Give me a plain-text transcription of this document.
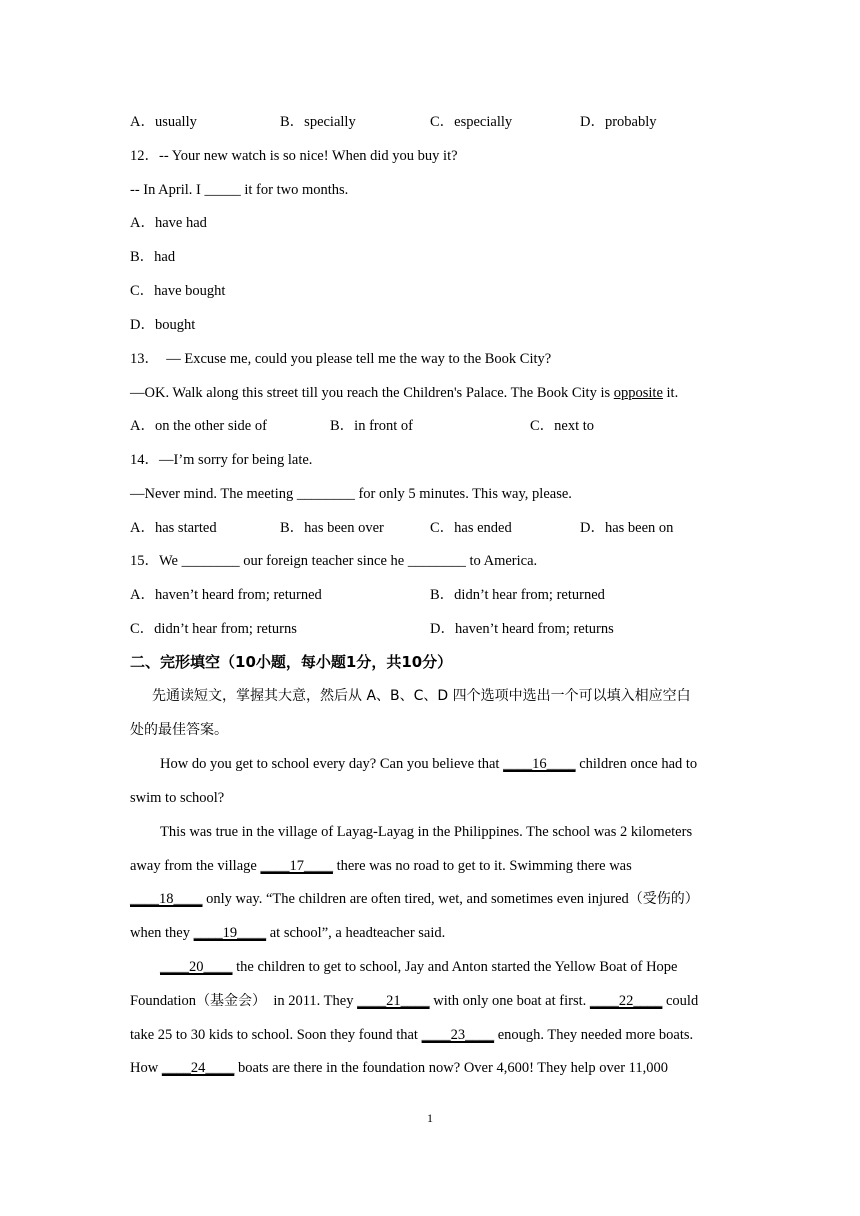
A．usually	B．specially	C．especially	D．probably
12．-- Your new watch is so nice! When did you buy it?
-- In April. I _____ it for two months.
A．have had
B．had
C．have bought
D．bought
13．　— Excuse me, could you please tell me the way to the Book City?
—OK. Walk along this street till you reach the Children's Palace. The Book City is opposite it.
A．on the other side of	B．in front of	C．next to
14．—I’m sorry for being late.
—Never mind. The meeting ________ for only 5 minutes. This way, please.
A．has started	B．has been over	C．has ended	D．has been on
15．We ________ our foreign teacher since he ________ to America.
A．haven’t heard from; returned	B．didn’t hear from; returned
C．didn’t hear from; returns	D．haven’t heard from; returns
二、完形填空（10小题，每小题1分，共10分）
先通读短文，掌握其大意，然后从 A、B、C、D 四个选项中选出一个可以填入相应空白
处的最佳答案。
How do you get to school every day? Can you believe that ____16____ children once had to
swim to school?
This was true in the village of Layag-Layag in the Philippines. The school was 2 kilometers
away from the village ____17____ there was no road to get to it. Swimming there was
____18____ only way. “The children are often tired, wet, and sometimes even injured（受伤的）
when they ____19____ at school”, a headteacher said.
____20____ the children to get to school, Jay and Anton started the Yellow Boat of Hope
Foundation（基金会）  in 2011. They ____21____ with only one boat at first. ____22____ could
take 25 to 30 kids to school. Soon they found that ____23____ enough. They needed more boats.
How ____24____ boats are there in the foundation now? Over 4,600! They help over 11,000
1
